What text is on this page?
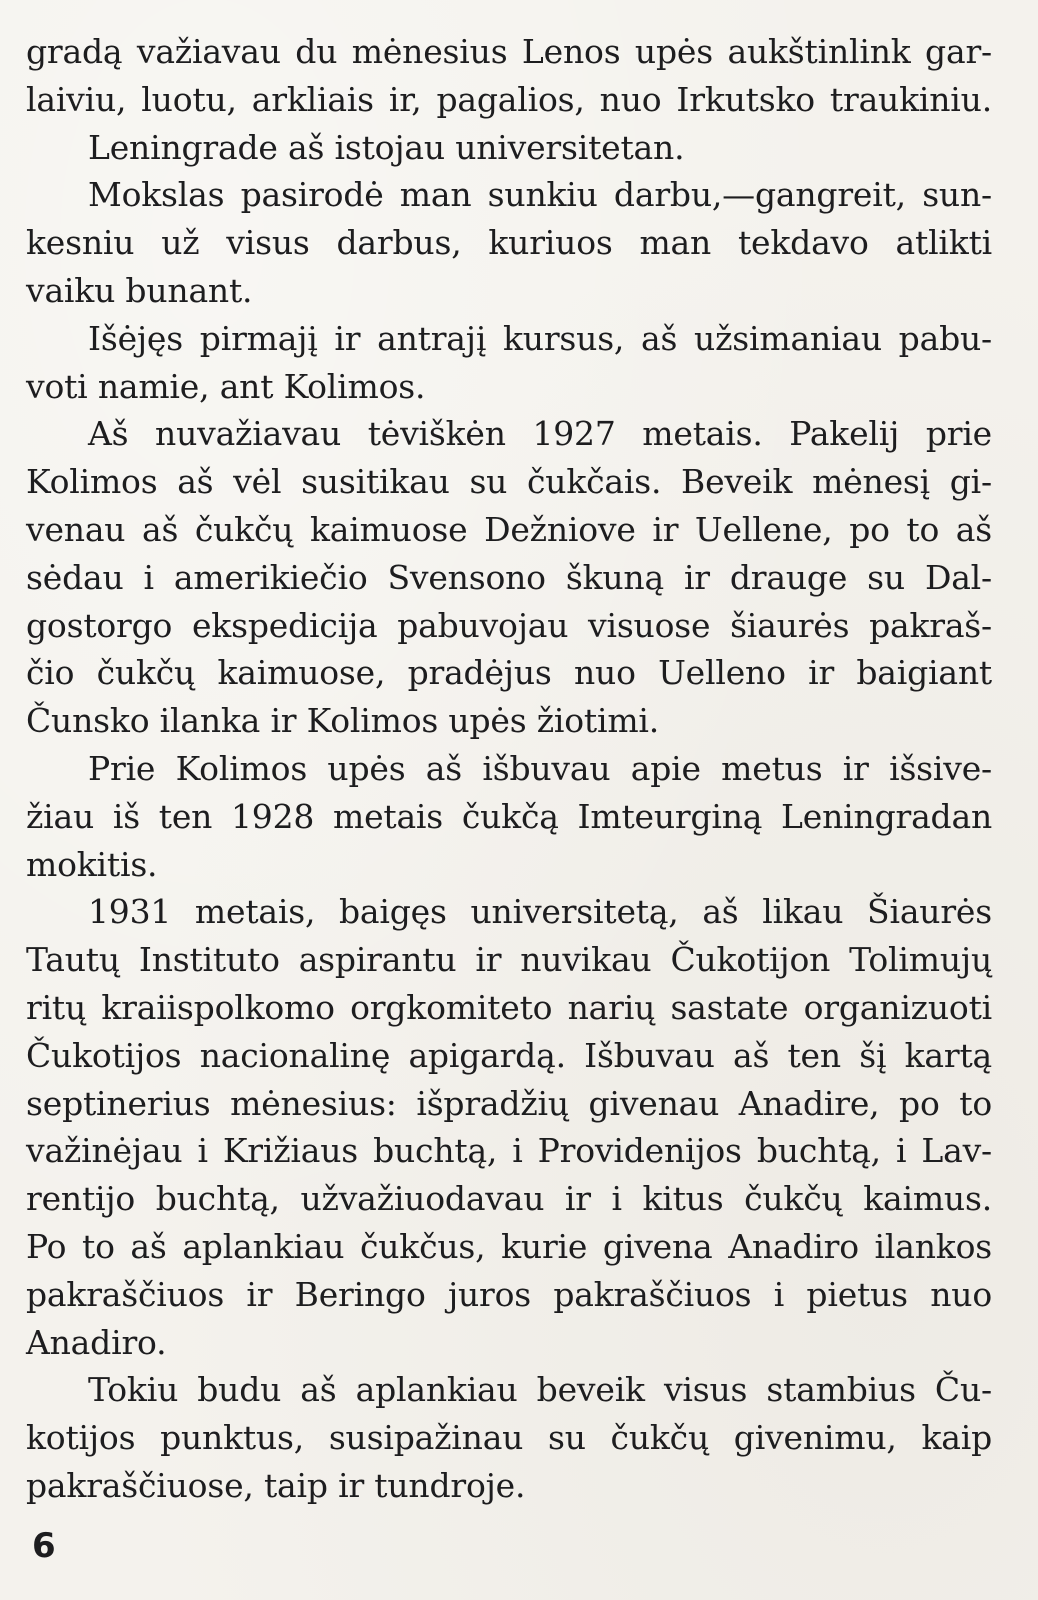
gradą važiavau du mėnesius Lenos upės aukštinlink gar-
laiviu, luotu, arkliais ir, pagalios, nuo Irkutsko traukiniu.
Leningrade aš istojau universitetan.
Mokslas pasirodė man sunkiu darbu,—gangreit, sun-
kesniu už visus darbus, kuriuos man tekdavo atlikti
vaiku bunant.
Išėjęs pirmajį ir antrajį kursus, aš užsimaniau pabu-
voti namie, ant Kolimos.
Aš nuvažiavau tėviškėn 1927 metais. Pakelij prie
Kolimos aš vėl susitikau su čukčais. Beveik mėnesį gi-
venau aš čukčų kaimuose Dežniove ir Uellene, po to aš
sėdau i amerikiečio Svensono škuną ir drauge su Dal-
gostorgo ekspedicija pabuvojau visuose šiaurės pakraš-
čio čukčų kaimuose, pradėjus nuo Uelleno ir baigiant
Čunsko ilanka ir Kolimos upės žiotimi.
Prie Kolimos upės aš išbuvau apie metus ir išsive-
žiau iš ten 1928 metais čukčą Imteurginą Leningradan
mokitis.
1931 metais, baigęs universitetą, aš likau Šiaurės
Tautų Instituto aspirantu ir nuvikau Čukotijon Tolimujų
ritų kraiispolkomo orgkomiteto narių sastate organizuoti
Čukotijos nacionalinę apigardą. Išbuvau aš ten šį kartą
septinerius mėnesius: išpradžių givenau Anadire, po to
važinėjau i Križiaus buchtą, i Providenijos buchtą, i Lav-
rentijo buchtą, užvažiuodavau ir i kitus čukčų kaimus.
Po to aš aplankiau čukčus, kurie givena Anadiro ilankos
pakraščiuos ir Beringo juros pakraščiuos i pietus nuo
Anadiro.
Tokiu budu aš aplankiau beveik visus stambius Ču-
kotijos punktus, susipažinau su čukčų givenimu, kaip
pakraščiuose, taip ir tundroje.
6
